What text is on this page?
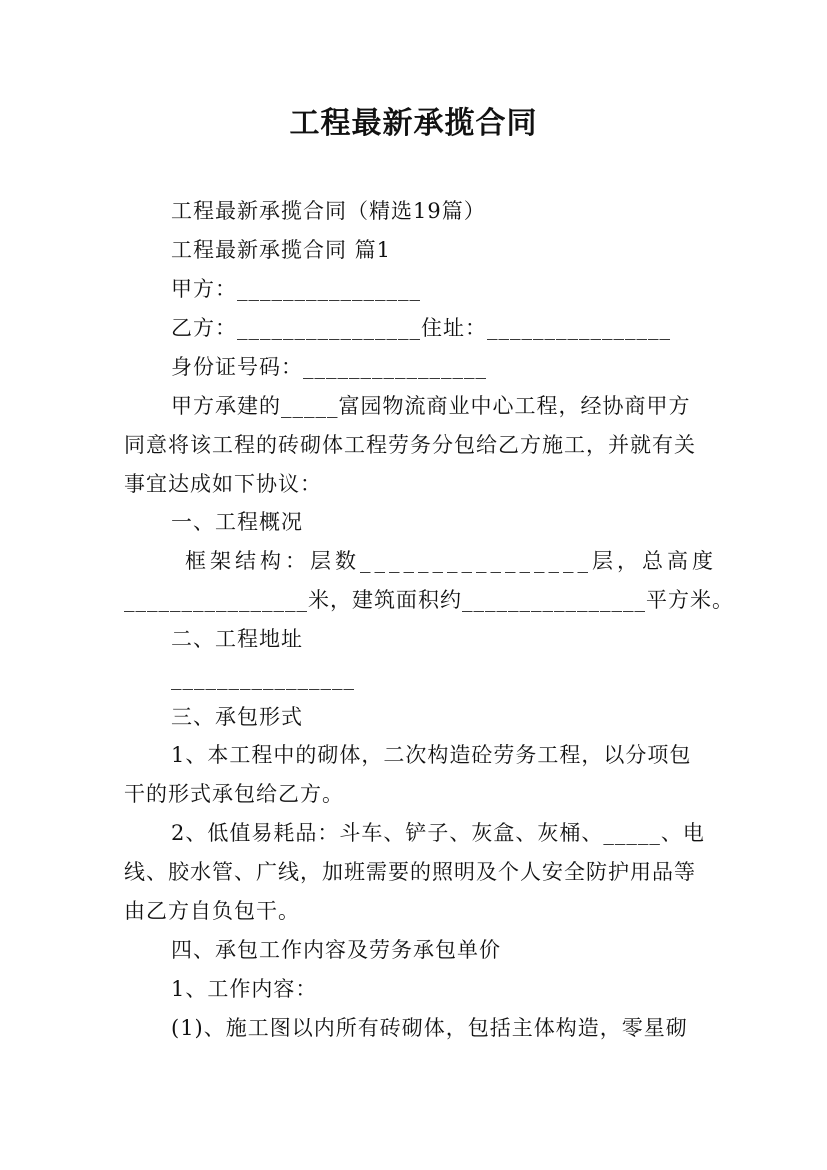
工程最新承揽合同
工程最新承揽合同（精选19篇）
工程最新承揽合同 篇1
甲方：________________
乙方：________________住址：________________
身份证号码：________________
甲方承建的_____富园物流商业中心工程，经协商甲方
同意将该工程的砖砌体工程劳务分包给乙方施工，并就有关
事宜达成如下协议：
一、工程概况
框架结构：层数________________层，总高度
________________米，建筑面积约________________平方米。
二、工程地址
________________
三、承包形式
1、本工程中的砌体，二次构造砼劳务工程，以分项包
干的形式承包给乙方。
2、低值易耗品：斗车、铲子、灰盒、灰桶、_____、电
线、胶水管、广线，加班需要的照明及个人安全防护用品等
由乙方自负包干。
四、承包工作内容及劳务承包单价
1、工作内容：
(1)、施工图以内所有砖砌体，包括主体构造，零星砌
